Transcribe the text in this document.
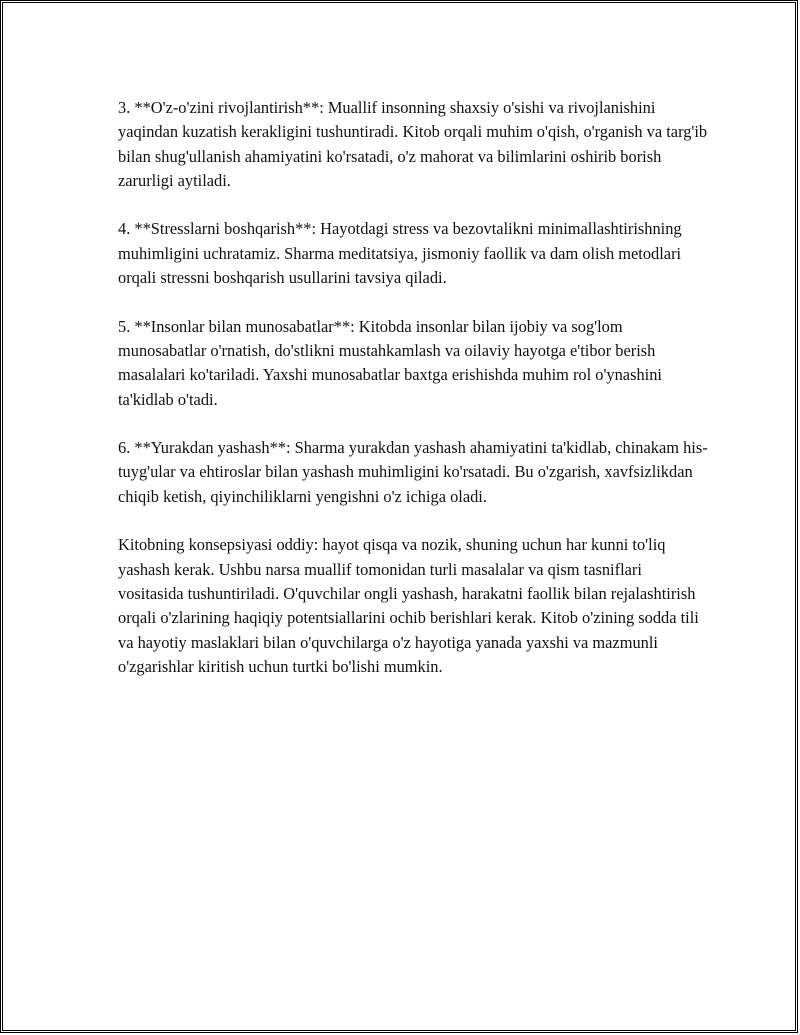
3. **O'z-o'zini rivojlantirish**: Muallif insonning shaxsiy o'sishi va rivojlanishini yaqindan kuzatish kerakligini tushuntiradi. Kitob orqali muhim o'qish, o'rganish va targ'ib bilan shug'ullanish ahamiyatini ko'rsatadi, o'z mahorat va bilimlarini oshirib borish zarurligi aytiladi.

4. **Stresslarni boshqarish**: Hayotdagi stress va bezovtalikni minimallashtirishning muhimligini uchratamiz. Sharma meditatsiya, jismoniy faollik va dam olish metodlari orqali stressni boshqarish usullarini tavsiya qiladi.

5. **Insonlar bilan munosabatlar**: Kitobda insonlar bilan ijobiy va sog'lom munosabatlar o'rnatish, do'stlikni mustahkamlash va oilaviy hayotga e'tibor berish masalalari ko'tariladi. Yaxshi munosabatlar baxtga erishishda muhim rol o'ynashini ta'kidlab o'tadi.

6. **Yurakdan yashash**: Sharma yurakdan yashash ahamiyatini ta'kidlab, chinakam his-tuyg'ular va ehtiroslar bilan yashash muhimligini ko'rsatadi. Bu o'zgarish, xavfsizlikdan chiqib ketish, qiyinchiliklarni yengishni o'z ichiga oladi.

Kitobning konsepsiyasi oddiy: hayot qisqa va nozik, shuning uchun har kunni to'liq yashash kerak. Ushbu narsa muallif tomonidan turli masalalar va qism tasniflari vositasida tushuntiriladi. O'quvchilar ongli yashash, harakatni faollik bilan rejalashtirish orqali o'zlarining haqiqiy potentsiallarini ochib berishlari kerak. Kitob o'zining sodda tili va hayotiy maslaklari bilan o'quvchilarga o'z hayotiga yanada yaxshi va mazmunli o'zgarishlar kiritish uchun turtki bo'lishi mumkin.
